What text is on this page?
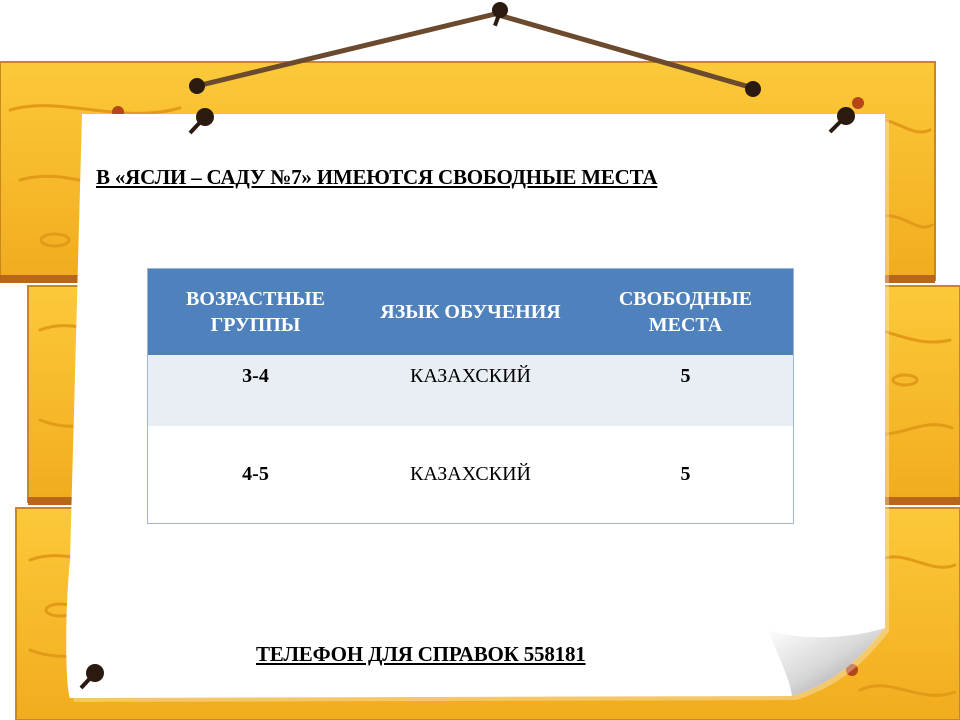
В «ЯСЛИ – САДУ №7» ИМЕЮТСЯ СВОБОДНЫЕ МЕСТА
ВОЗРАСТНЫЕ ГРУППЫ	ЯЗЫК ОБУЧЕНИЯ	СВОБОДНЫЕ МЕСТА
3-4	КАЗАХСКИЙ	5
4-5	КАЗАХСКИЙ	5
ТЕЛЕФОН ДЛЯ СПРАВОК 558181
